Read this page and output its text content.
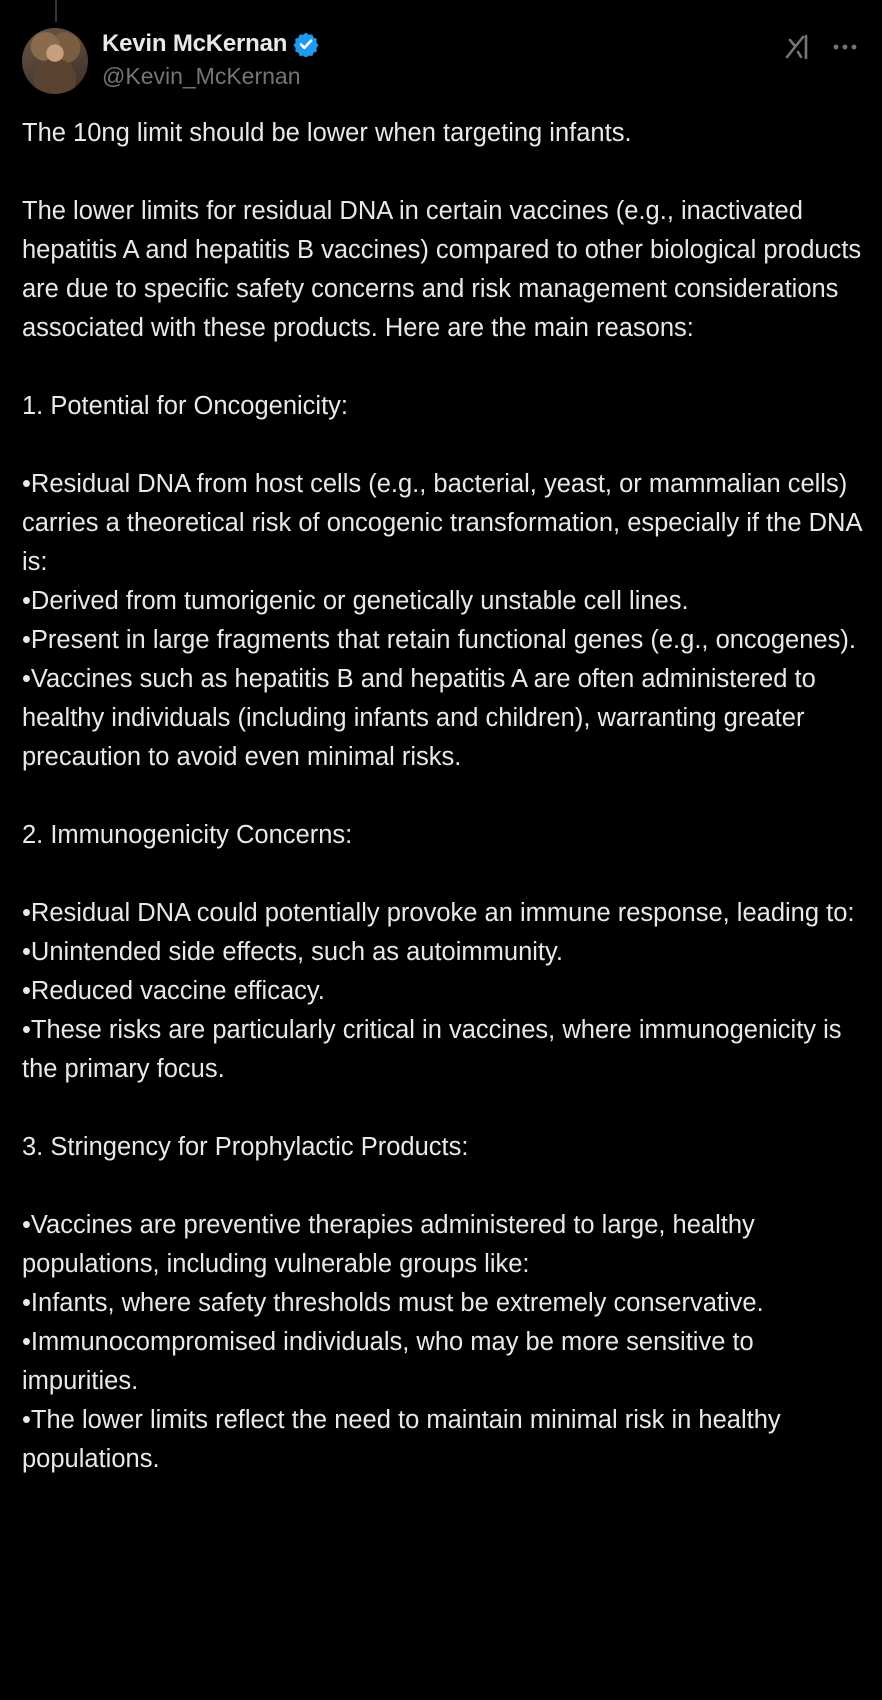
Kevin McKernan
@Kevin_McKernan

The 10ng limit should be lower when targeting infants.

The lower limits for residual DNA in certain vaccines (e.g., inactivated hepatitis A and hepatitis B vaccines) compared to other biological products are due to specific safety concerns and risk management considerations associated with these products. Here are the main reasons:

1. Potential for Oncogenicity:

•Residual DNA from host cells (e.g., bacterial, yeast, or mammalian cells) carries a theoretical risk of oncogenic transformation, especially if the DNA is:
•Derived from tumorigenic or genetically unstable cell lines.
•Present in large fragments that retain functional genes (e.g., oncogenes).
•Vaccines such as hepatitis B and hepatitis A are often administered to healthy individuals (including infants and children), warranting greater precaution to avoid even minimal risks.

2. Immunogenicity Concerns:

•Residual DNA could potentially provoke an immune response, leading to:
•Unintended side effects, such as autoimmunity.
•Reduced vaccine efficacy.
•These risks are particularly critical in vaccines, where immunogenicity is the primary focus.

3. Stringency for Prophylactic Products:

•Vaccines are preventive therapies administered to large, healthy populations, including vulnerable groups like:
•Infants, where safety thresholds must be extremely conservative.
•Immunocompromised individuals, who may be more sensitive to impurities.
•The lower limits reflect the need to maintain minimal risk in healthy populations.
